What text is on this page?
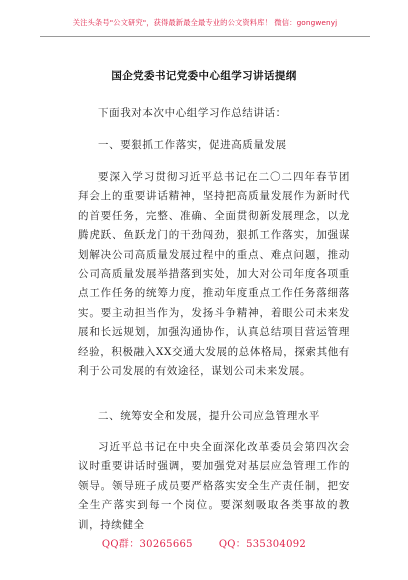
关注头条号"公文研究"，获得最新最全最专业的公文资料库！ 微信：gongwenyj
国企党委书记党委中心组学习讲话提纲

下面我对本次中心组学习作总结讲话：

一、要狠抓工作落实，促进高质量发展

要深入学习贯彻习近平总书记在二〇二四年春节团拜会上的重要讲话精神，坚持把高质量发展作为新时代的首要任务，完整、准确、全面贯彻新发展理念，以龙腾虎跃、鱼跃龙门的干劲闯劲，狠抓工作落实，加强谋划解决公司高质量发展过程中的重点、难点问题，推动公司高质量发展举措落到实处，加大对公司年度各项重点工作任务的统筹力度，推动年度重点工作任务落细落实。要主动担当作为，发扬斗争精神，着眼公司未来发展和长远规划，加强沟通协作，认真总结项目营运管理经验，积极融入XX交通大发展的总体格局，探索其他有利于公司发展的有效途径，谋划公司未来发展。

二、统筹安全和发展，提升公司应急管理水平

习近平总书记在中央全面深化改革委员会第四次会议时重要讲话时强调，要加强党对基层应急管理工作的领导。领导班子成员要严格落实安全生产责任制，把安全生产落实到每一个岗位。要深刻吸取各类事故的教训，持续健全

QQ群：30265665	QQ：535304092
